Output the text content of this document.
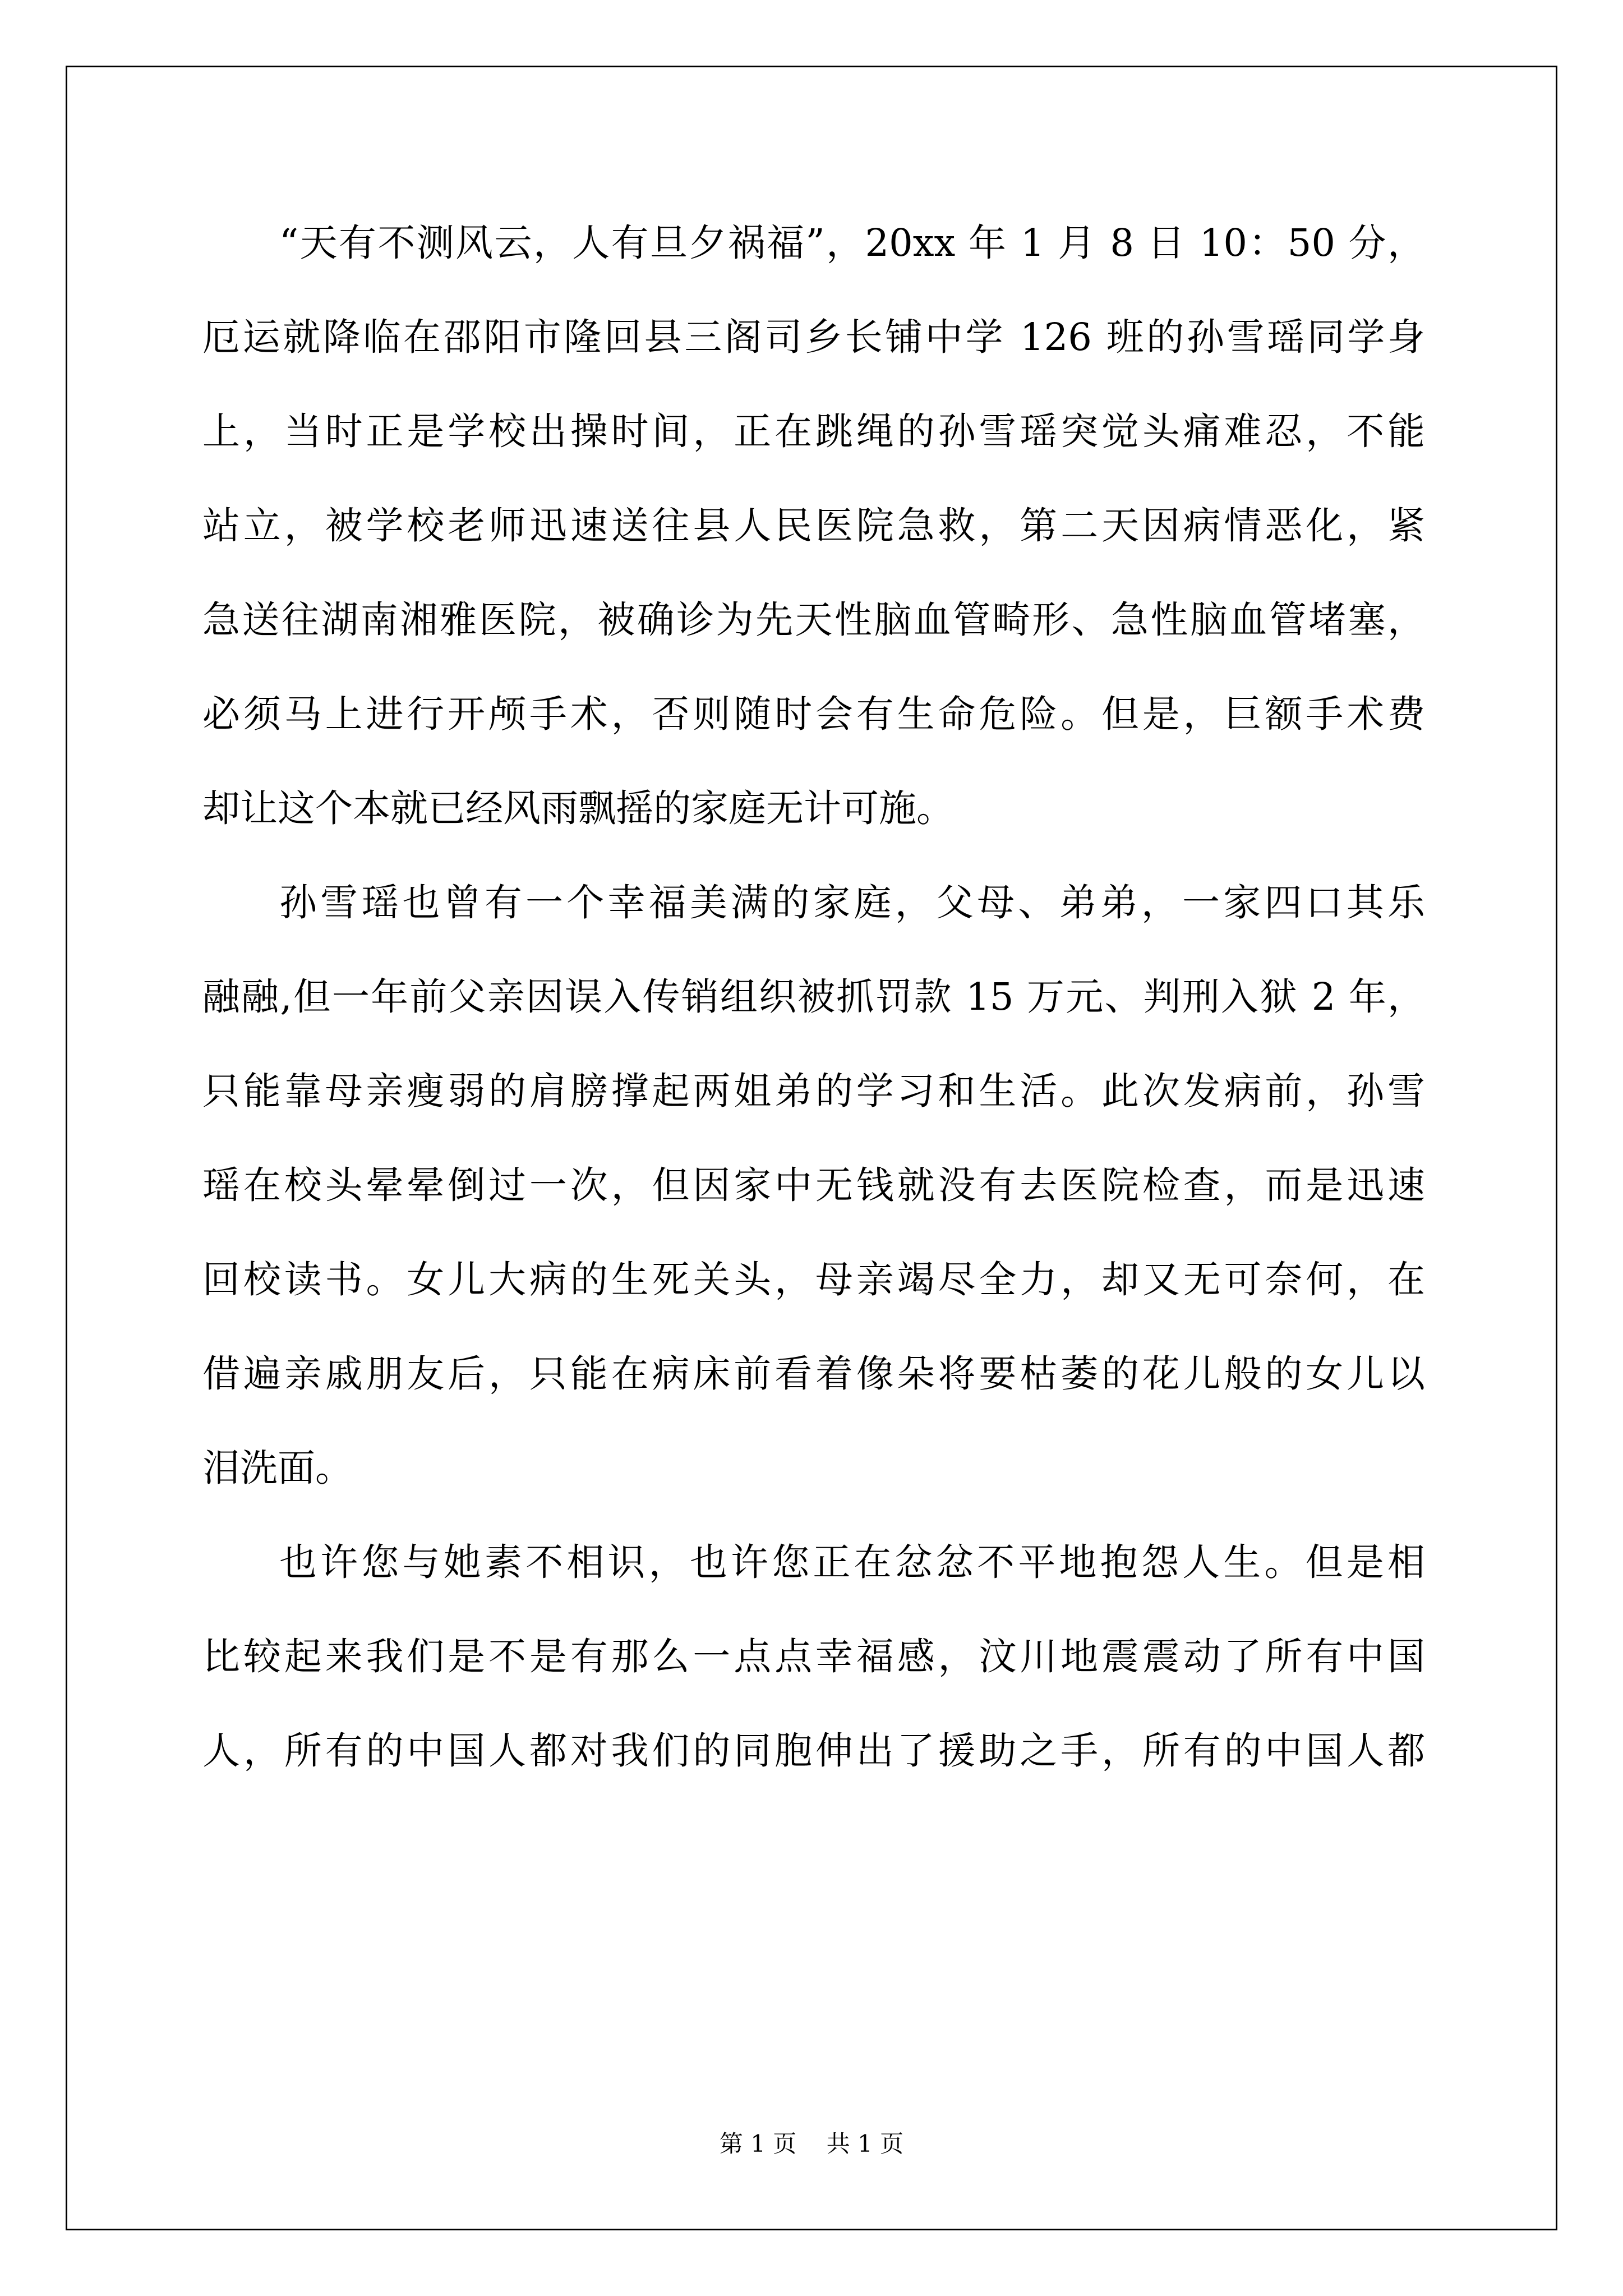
“天有不测风云，人有旦夕祸福”，20xx 年 1 月 8 日 10：50 分，
厄运就降临在邵阳市隆回县三阁司乡长铺中学 126 班的孙雪瑶同学身
上，当时正是学校出操时间，正在跳绳的孙雪瑶突觉头痛难忍，不能
站立，被学校老师迅速送往县人民医院急救，第二天因病情恶化，紧
急送往湖南湘雅医院，被确诊为先天性脑血管畸形、急性脑血管堵塞，
必须马上进行开颅手术，否则随时会有生命危险。但是，巨额手术费
却让这个本就已经风雨飘摇的家庭无计可施。
孙雪瑶也曾有一个幸福美满的家庭，父母、弟弟，一家四口其乐
融融,但一年前父亲因误入传销组织被抓罚款 15 万元、判刑入狱 2 年，
只能靠母亲瘦弱的肩膀撑起两姐弟的学习和生活。此次发病前，孙雪
瑶在校头晕晕倒过一次，但因家中无钱就没有去医院检查，而是迅速
回校读书。女儿大病的生死关头，母亲竭尽全力，却又无可奈何，在
借遍亲戚朋友后，只能在病床前看着像朵将要枯萎的花儿般的女儿以
泪洗面。
也许您与她素不相识，也许您正在忿忿不平地抱怨人生。但是相
比较起来我们是不是有那么一点点幸福感，汶川地震震动了所有中国
人，所有的中国人都对我们的同胞伸出了援助之手，所有的中国人都
第 1 页    共 1 页
